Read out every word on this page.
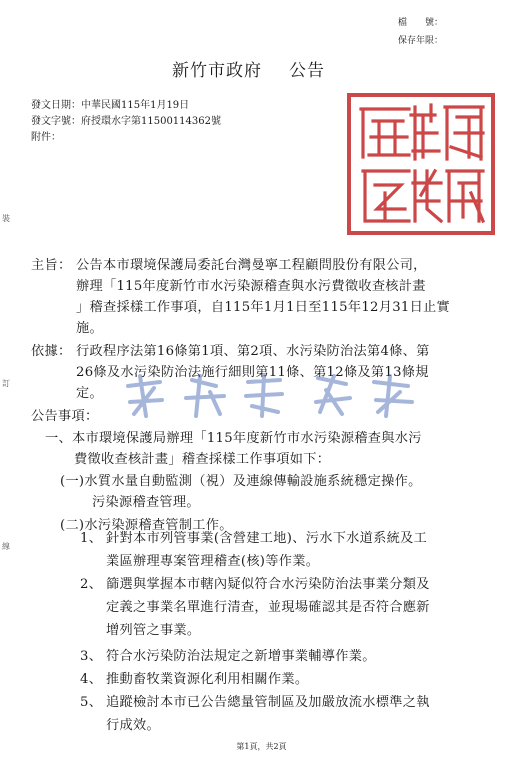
檔　　號：
保存年限：
新竹市政府 公告
發文日期：中華民國115年1月19日
發文字號：府授環水字第11500114362號
附件：
裝
訂
線
主旨： 公告本市環境保護局委託台灣曼寧工程顧問股份有限公司，
辦理「115年度新竹市水污染源稽查與水污費徵收查核計畫
」稽查採樣工作事項，自115年1月1日至115年12月31日止實
施。
依據： 行政程序法第16條第1項、第2項、水污染防治法第4條、第
26條及水污染防治法施行細則第11條、第12條及第13條規
定。
公告事項：
一、本市環境保護局辦理「115年度新竹市水污染源稽查與水污
費徵收查核計畫」稽查採樣工作事項如下：
(一)水質水量自動監測（視）及連線傳輸設施系統穩定操作。
污染源稽查管理。
(二)水污染源稽查管制工作。
1、 針對本市列管事業(含營建工地)、污水下水道系統及工
業區辦理專案管理稽查(核)等作業。
2、 篩選與掌握本市轄內疑似符合水污染防治法事業分類及
定義之事業名單進行清查，並現場確認其是否符合應新
增列管之事業。
第1頁，共2頁
3、 符合水污染防治法規定之新增事業輔導作業。
4、 推動畜牧業資源化利用相關作業。
5、 追蹤檢討本市已公告總量管制區及加嚴放流水標準之執
行成效。
